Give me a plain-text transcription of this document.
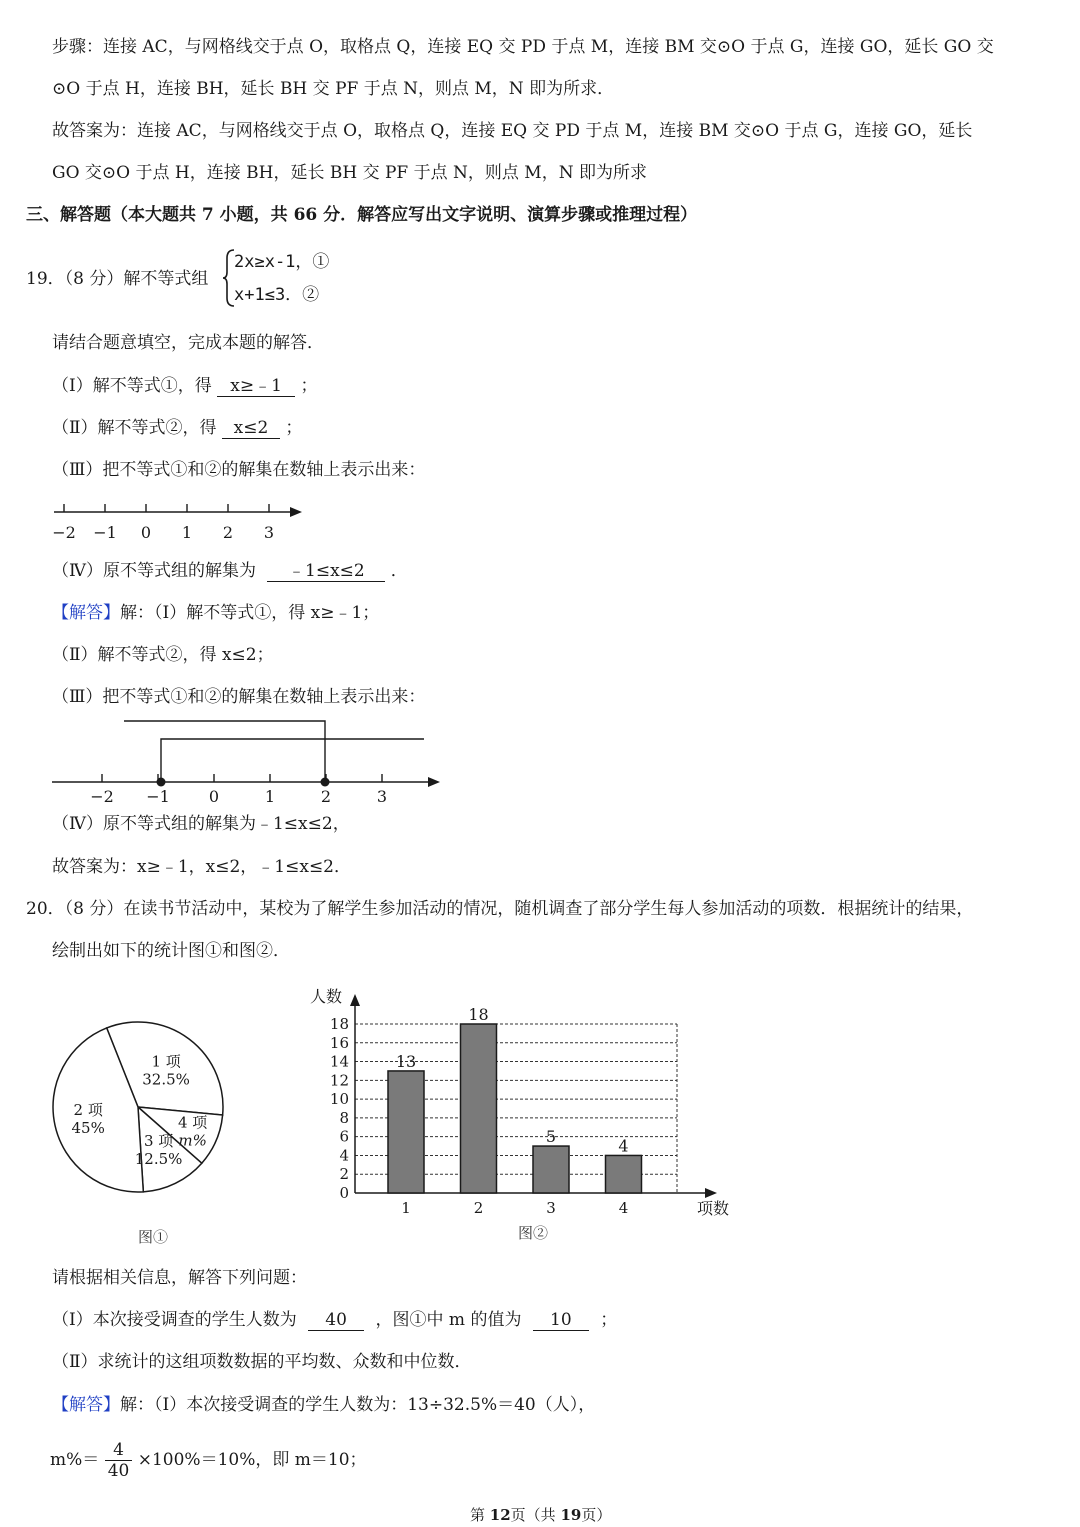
步骤：连接 AC，与网格线交于点 O，取格点 Q，连接 EQ 交 PD 于点 M，连接 BM 交⊙O 于点 G，连接 GO，延长 GO 交
⊙O 于点 H，连接 BH，延长 BH 交 PF 于点 N，则点 M，N 即为所求．
故答案为：连接 AC，与网格线交于点 O，取格点 Q，连接 EQ 交 PD 于点 M，连接 BM 交⊙O 于点 G，连接 GO，延长
GO 交⊙O 于点 H，连接 BH，延长 BH 交 PF 于点 N，则点 M，N 即为所求
三、解答题（本大题共 7 小题，共 66 分．解答应写出文字说明、演算步骤或推理过程）
19．（8 分）解不等式组
2x≥x-1，①
x+1≤3．②
请结合题意填空，完成本题的解答．
（Ⅰ）解不等式①，得 x≥﹣1 ；
（Ⅱ）解不等式②，得 x≤2 ；
（Ⅲ）把不等式①和②的解集在数轴上表示出来：
−2 −1 0 1 2 3
（Ⅳ）原不等式组的解集为 ﹣1≤x≤2 ．
【解答】解：（Ⅰ）解不等式①，得 x≥﹣1；
（Ⅱ）解不等式②，得 x≤2；
（Ⅲ）把不等式①和②的解集在数轴上表示出来：
−2 −1 0	1	2	3
（Ⅳ）原不等式组的解集为﹣1≤x≤2，
故答案为：x≥﹣1，x≤2，﹣1≤x≤2．
20．（8 分）在读书节活动中，某校为了解学生参加活动的情况，随机调查了部分学生每人参加活动的项数．根据统计的结果，
绘制出如下的统计图①和图②．
1 项
32.5%
4 项
m%
3 项
12.5%
2 项
45%
图①
0
2
4
6
8
10
12
14
16
18
人数
项数
13
1
18
2
5
3
4
4
图②
请根据相关信息，解答下列问题：
（Ⅰ）本次接受调查的学生人数为 40 ，图①中 m 的值为 10 ；
（Ⅱ）求统计的这组项数数据的平均数、众数和中位数．
【解答】解：（Ⅰ）本次接受调查的学生人数为：13÷32.5%＝40（人），
$m\%= \frac{4}{40} \times 100\%=10\%$，即 m＝10；
第 12页（共 19页）
